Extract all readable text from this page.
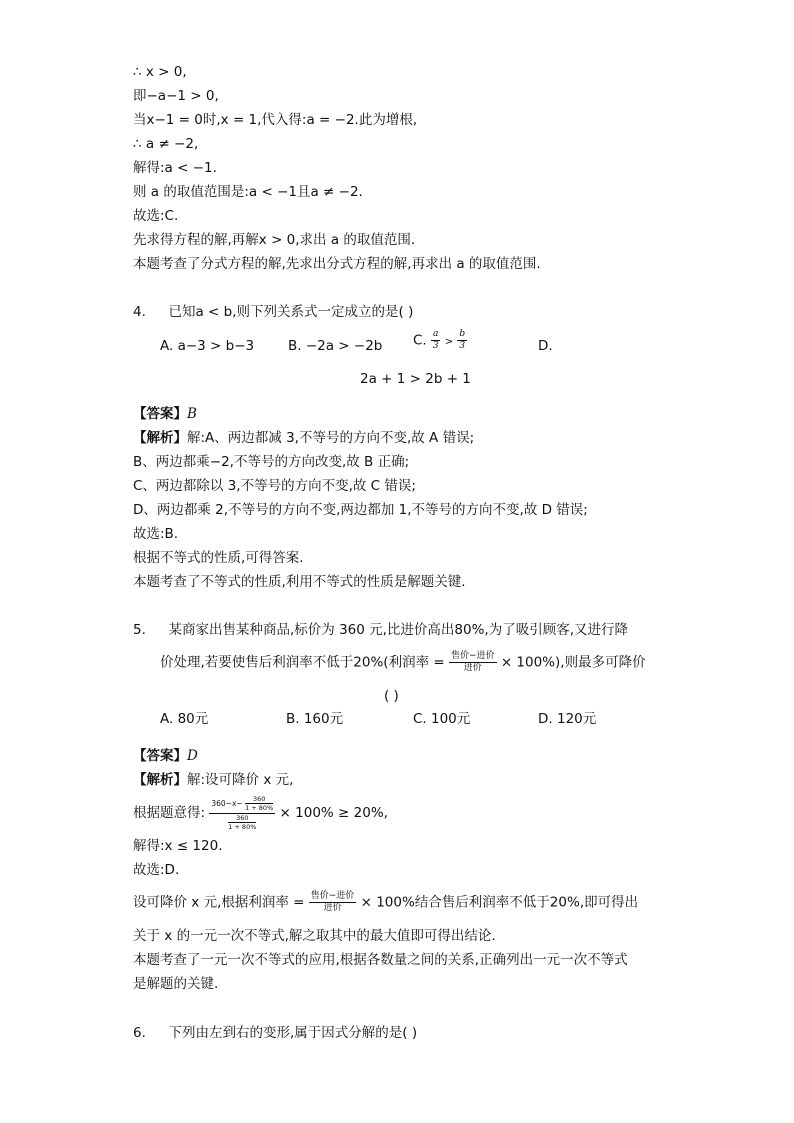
∴ x > 0,
即−a−1 > 0,
当x−1 = 0时,x = 1,代入得:a = −2.此为增根,
∴ a ≠ −2,
解得:a < −1.
则 a 的取值范围是:a < −1且a ≠ −2.
故选:C.
先求得方程的解,再解x > 0,求出 a 的取值范围.
本题考查了分式方程的解,先求出分式方程的解,再求出 a 的取值范围.
4. 已知a < b,则下列关系式一定成立的是( )
A. a−3 > b−3	B. −2a > −2b C. $\frac{a}{3} > \frac{b}{3}$	D.
2a + 1 > 2b + 1
【答案】B
【解析】解:A、两边都减 3,不等号的方向不变,故 A 错误;
B、两边都乘−2,不等号的方向改变,故 B 正确;
C、两边都除以 3,不等号的方向不变,故 C 错误;
D、两边都乘 2,不等号的方向不变,两边都加 1,不等号的方向不变,故 D 错误;
故选:B.
根据不等式的性质,可得答案.
本题考查了不等式的性质,利用不等式的性质是解题关键.
5. 某商家出售某种商品,标价为 360 元,比进价高出80%,为了吸引顾客,又进行降
价处理,若要使售后利润率不低于20%(利润率 = $\frac{\text{售价−进价}}{\text{进价}} \times 100\%$),则最多可降价
( )
A. 80元	B. 160元	C. 100元	D. 120元
【答案】D
【解析】解:设可降价 x 元,
根据题意得: $\frac{360-x- \frac{360}{1 + 80\%}}{\frac{360}{1 + 80\%}} \times 100\% \ge 20\%$,
解得:x ≤ 120.
故选:D.
设可降价 x 元,根据利润率 = $\frac{\text{售价−进价}}{\text{进价}} \times 100\%$结合售后利润率不低于20%,即可得出
关于 x 的一元一次不等式,解之取其中的最大值即可得出结论.
本题考查了一元一次不等式的应用,根据各数量之间的关系,正确列出一元一次不等式
是解题的关键.
6. 下列由左到右的变形,属于因式分解的是( )
